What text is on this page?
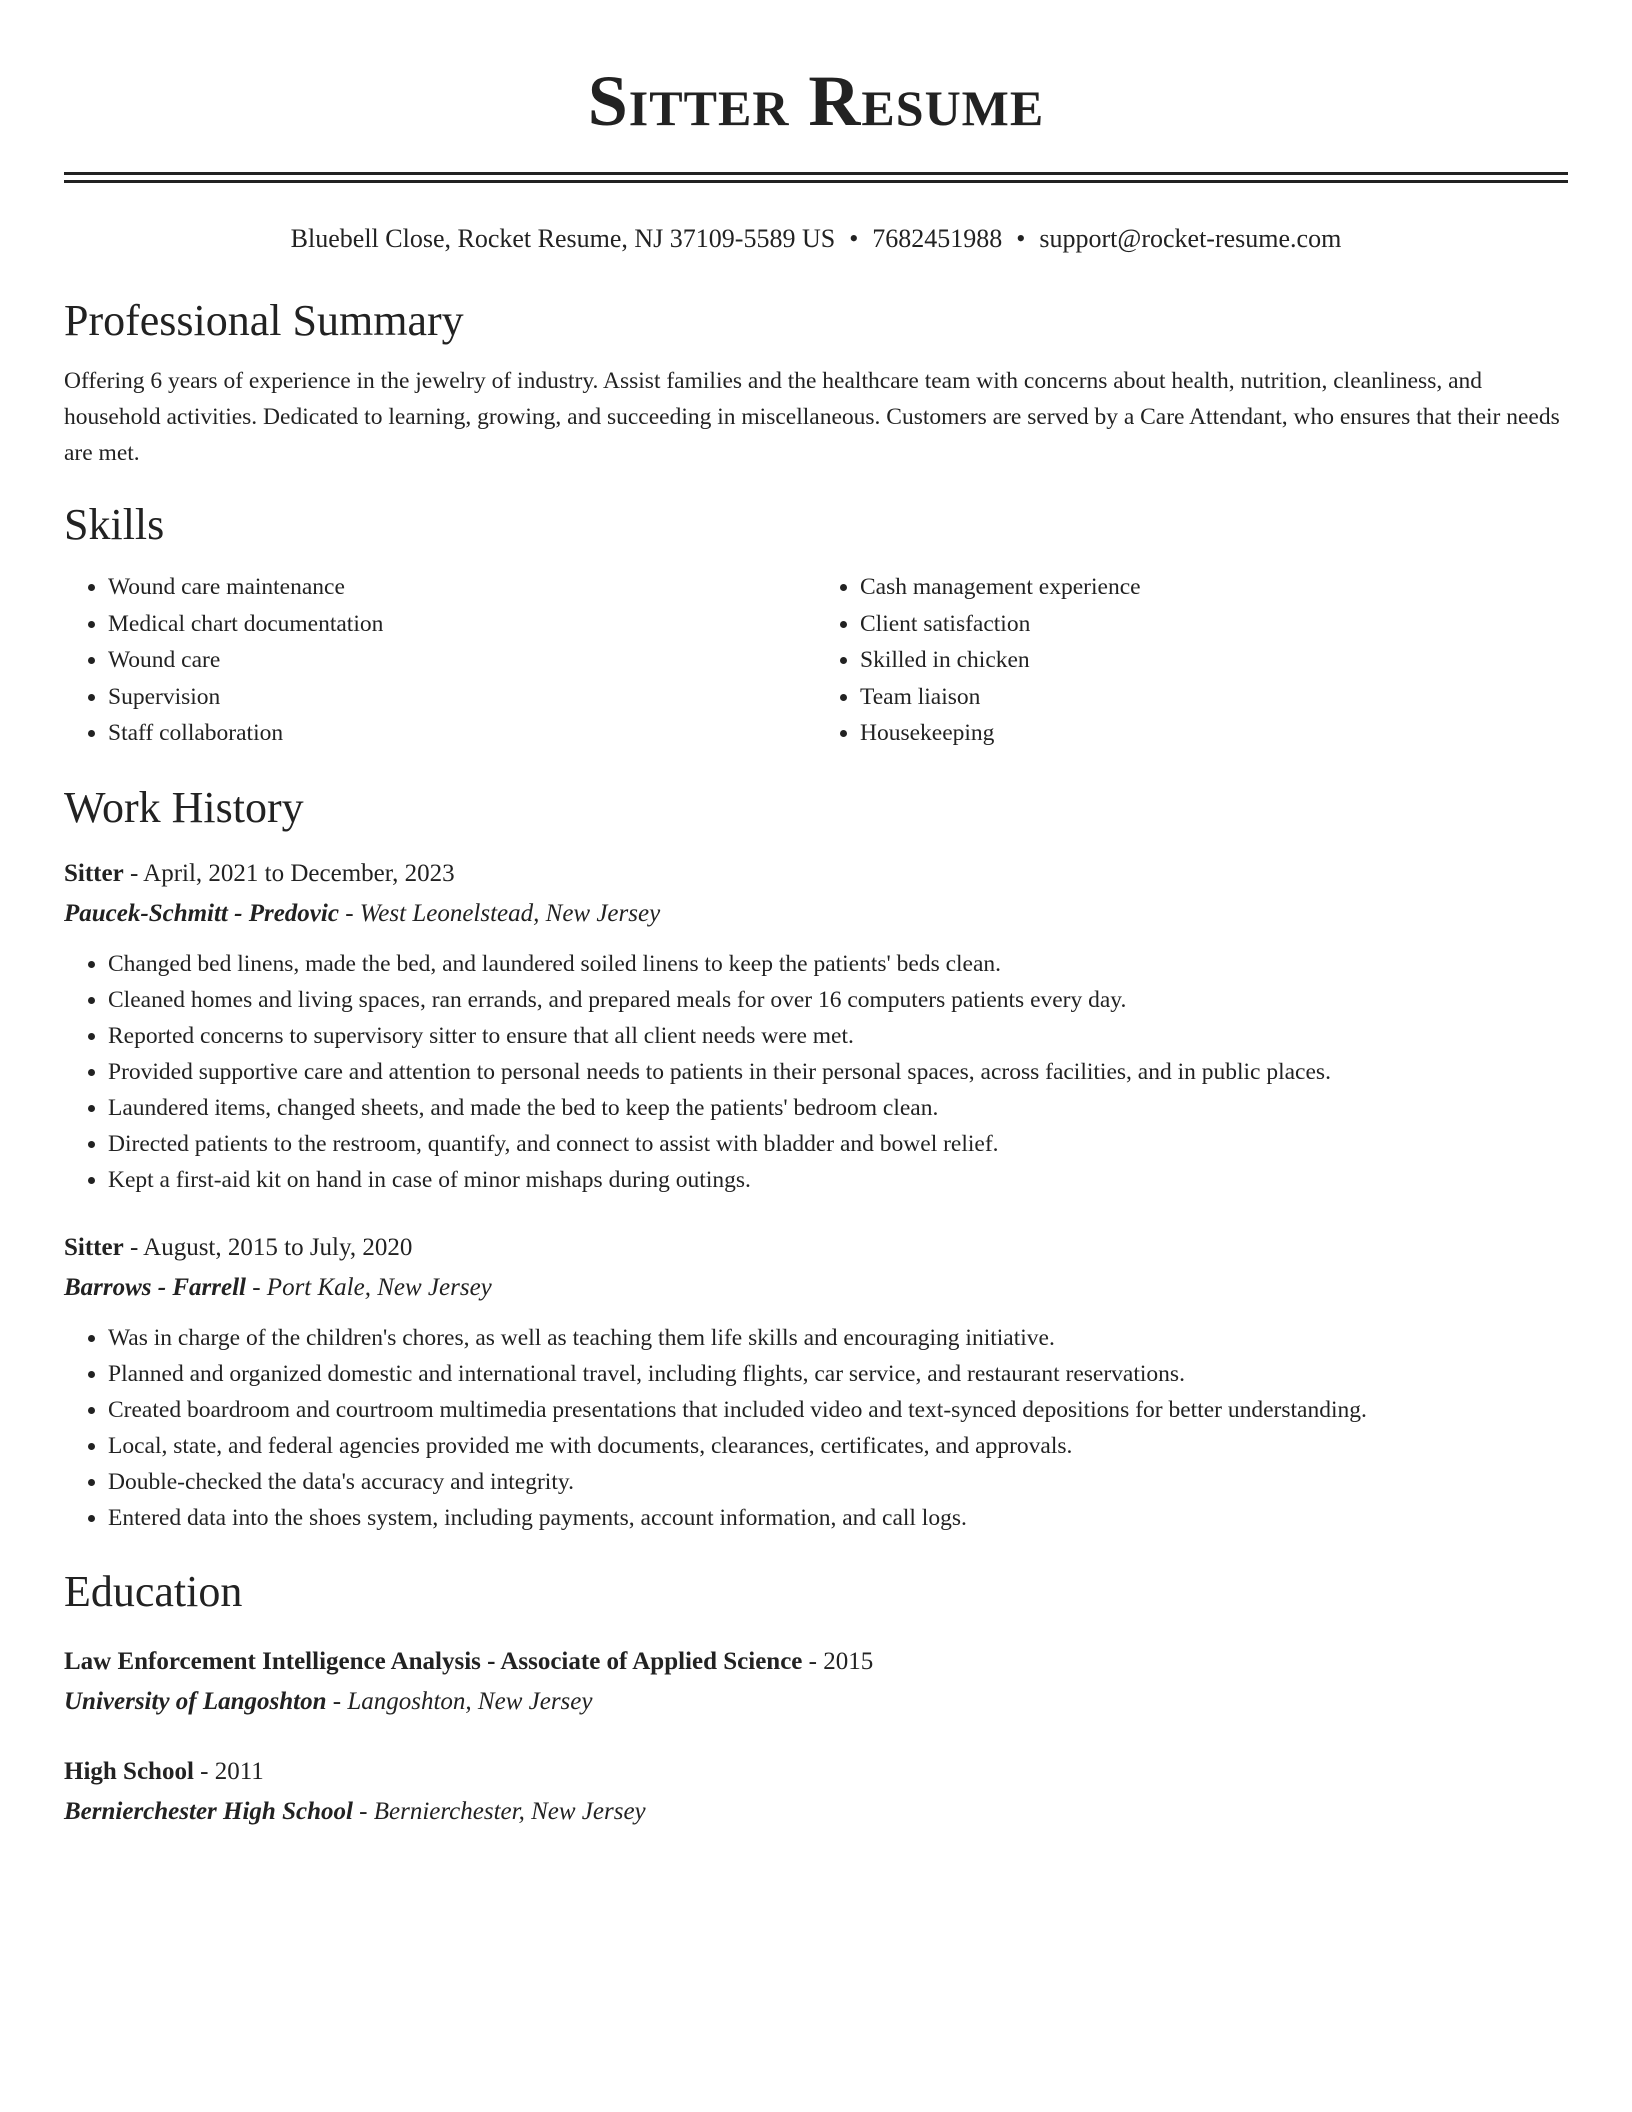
Sitter Resume
Bluebell Close, Rocket Resume, NJ 37109-5589 US • 7682451988 • support@rocket-resume.com
Professional Summary

Offering 6 years of experience in the jewelry of industry. Assist families and the healthcare team with concerns about health, nutrition, cleanliness, and household activities. Dedicated to learning, growing, and succeeding in miscellaneous. Customers are served by a Care Attendant, who ensures that their needs are met.

Skills
• Wound care maintenance
• Medical chart documentation
• Wound care
• Supervision
• Staff collaboration
• Cash management experience
• Client satisfaction
• Skilled in chicken
• Team liaison
• Housekeeping
Work History

Sitter - April, 2021 to December, 2023

Paucek-Schmitt - Predovic - West Leonelstead, New Jersey

• Changed bed linens, made the bed, and laundered soiled linens to keep the patients' beds clean.
• Cleaned homes and living spaces, ran errands, and prepared meals for over 16 computers patients every day.
• Reported concerns to supervisory sitter to ensure that all client needs were met.
• Provided supportive care and attention to personal needs to patients in their personal spaces, across facilities, and in public places.
• Laundered items, changed sheets, and made the bed to keep the patients' bedroom clean.
• Directed patients to the restroom, quantify, and connect to assist with bladder and bowel relief.
• Kept a first-aid kit on hand in case of minor mishaps during outings.

Sitter - August, 2015 to July, 2020

Barrows - Farrell - Port Kale, New Jersey

• Was in charge of the children's chores, as well as teaching them life skills and encouraging initiative.
• Planned and organized domestic and international travel, including flights, car service, and restaurant reservations.
• Created boardroom and courtroom multimedia presentations that included video and text-synced depositions for better understanding.
• Local, state, and federal agencies provided me with documents, clearances, certificates, and approvals.
• Double-checked the data's accuracy and integrity.
• Entered data into the shoes system, including payments, account information, and call logs.
Education

Law Enforcement Intelligence Analysis - Associate of Applied Science - 2015

University of Langoshton - Langoshton, New Jersey

High School - 2011

Bernierchester High School - Bernierchester, New Jersey
